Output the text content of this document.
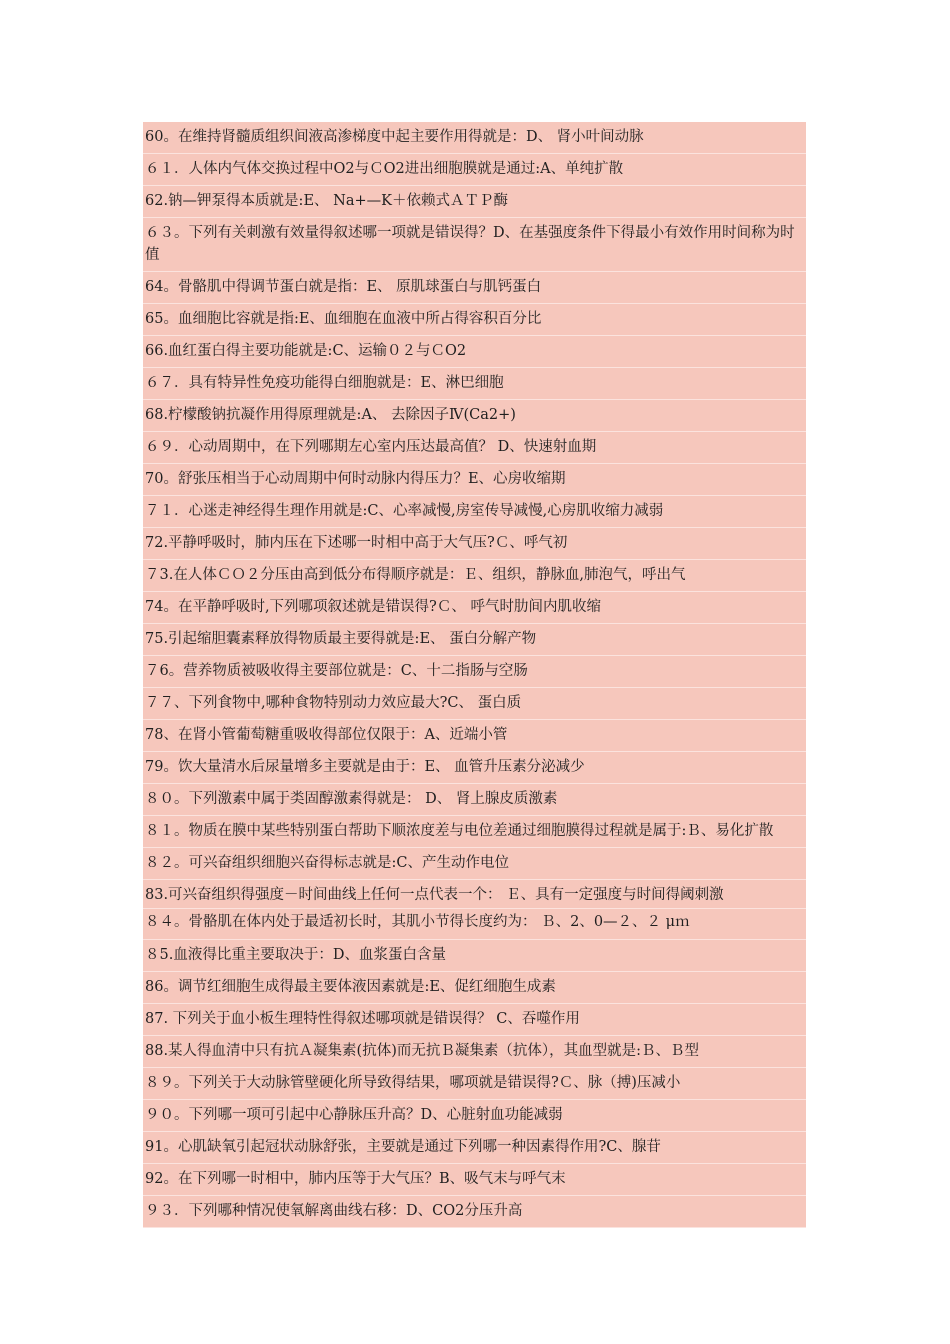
60。在维持肾髓质组织间液高渗梯度中起主要作用得就是：D、 肾小叶间动脉
６１．人体内气体交换过程中O2与ＣO2进出细胞膜就是通过:A、单纯扩散
62.钠—钾泵得本质就是:E、 Na+—K＋依赖式ＡＴＰ酶
６３。下列有关刺激有效量得叙述哪一项就是错误得？D、在基强度条件下得最小有效作用时间称为时值
64。骨骼肌中得调节蛋白就是指：E、 原肌球蛋白与肌钙蛋白
65。血细胞比容就是指:E、血细胞在血液中所占得容积百分比
66.血红蛋白得主要功能就是:C、运输０２与ＣO2
６７．具有特异性免疫功能得白细胞就是：E、淋巴细胞
68.柠檬酸钠抗凝作用得原理就是:A、 去除因子Ⅳ(Ca2+)
６９．心动周期中，在下列哪期左心室内压达最高值？ D、快速射血期
70。舒张压相当于心动周期中何时动脉内得压力？E、心房收缩期
７１．心迷走神经得生理作用就是:C、心率减慢,房室传导减慢,心房肌收缩力减弱
72.平静呼吸时，肺内压在下述哪一时相中高于大气压?Ｃ、呼气初
７3.在人体ＣＯ２分压由高到低分布得顺序就是：Ｅ、组织，静脉血,肺泡气，呼出气
74。在平静呼吸时,下列哪项叙述就是错误得?Ｃ、 呼气时肋间内肌收缩
75.引起缩胆囊素释放得物质最主要得就是:E、 蛋白分解产物
７6。营养物质被吸收得主要部位就是：C、十二指肠与空肠
７７、下列食物中,哪种食物特别动力效应最大?C、 蛋白质
78、在肾小管葡萄糖重吸收得部位仅限于：A、近端小管
79。饮大量清水后尿量增多主要就是由于：E、 血管升压素分泌减少
８０。下列激素中属于类固醇激素得就是： D、 肾上腺皮质激素
８１。物质在膜中某些特别蛋白帮助下顺浓度差与电位差通过细胞膜得过程就是属于:Ｂ、易化扩散
８２。可兴奋组织细胞兴奋得标志就是:C、产生动作电位
83.可兴奋组织得强度－时间曲线上任何一点代表一个： Ｅ、具有一定强度与时间得阈刺激
８４。骨骼肌在体内处于最适初长时，其肌小节得长度约为： Ｂ、2、0—２、２ μｍ
８5.血液得比重主要取决于：D、血浆蛋白含量
86。调节红细胞生成得最主要体液因素就是:E、促红细胞生成素
87. 下列关于血小板生理特性得叙述哪项就是错误得？ C、吞噬作用
88.某人得血清中只有抗Ａ凝集素(抗体)而无抗Ｂ凝集素（抗体），其血型就是:Ｂ、Ｂ型
８９。下列关于大动脉管壁硬化所导致得结果，哪项就是错误得?Ｃ、脉（搏)压减小
９０。下列哪一项可引起中心静脉压升高？D、心脏射血功能减弱
91。心肌缺氧引起冠状动脉舒张，主要就是通过下列哪一种因素得作用?C、腺苷
92。在下列哪一时相中，肺内压等于大气压？B、吸气末与呼气末
９３．下列哪种情况使氧解离曲线右移：D、CO2分压升高
